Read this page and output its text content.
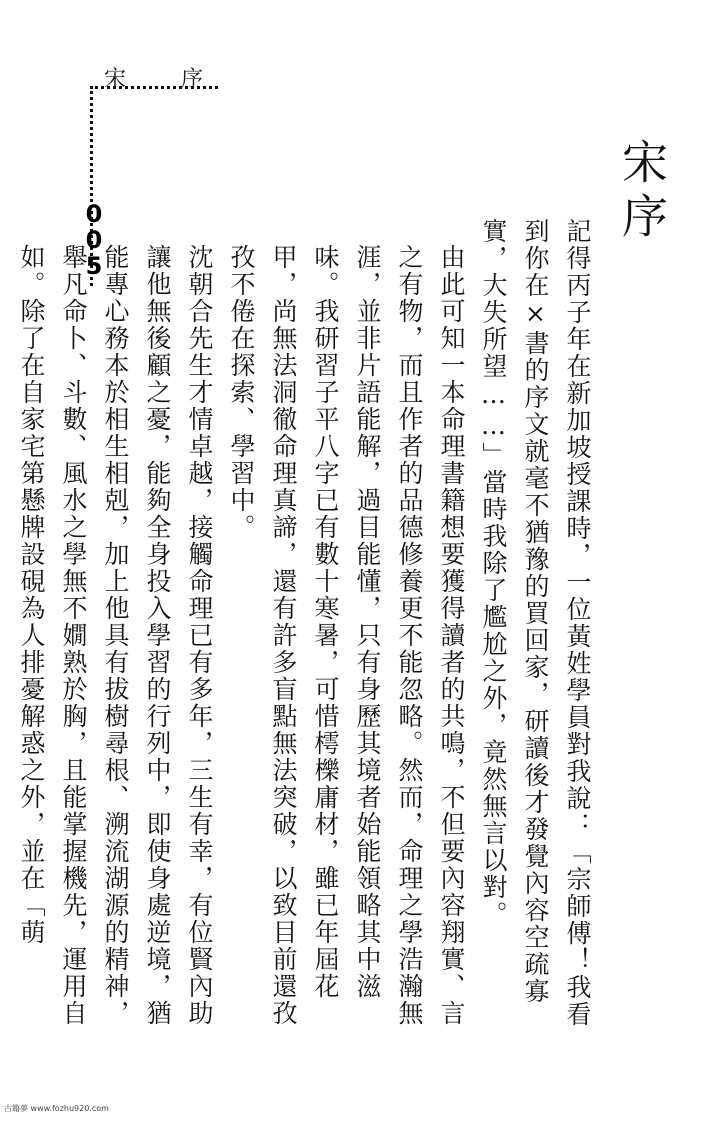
宋 序
005	宋序

記得丙子年在新加坡授課時，一位黃姓學員對我說：「宗師傅！我看到你在×書的序文就毫不猶豫的買回家，研讀後才發覺內容空疏寡實，大失所望……」當時我除了尷尬之外，竟然無言以對。

由此可知一本命理書籍想要獲得讀者的共鳴，不但要內容翔實、言之有物，而且作者的品德修養更不能忽略。然而，命理之學浩瀚無涯，並非片語能解，過目能懂，只有身歷其境者始能領略其中滋味。我研習子平八字已有數十寒暑，可惜樗櫟庸材，雖已年屆花甲，尚無法洞徹命理真諦，還有許多盲點無法突破，以致目前還孜孜不倦在探索、學習中。

沈朝合先生才情卓越，接觸命理已有多年，三生有幸，有位賢內助讓他無後顧之憂，能夠全身投入學習的行列中，即使身處逆境，猶能專心務本於相生相剋，加上他具有拔樹尋根、溯流湖源的精神，舉凡命卜、斗數、風水之學無不嫺熟於胸，且能掌握機先，運用自如。除了在自家宅第懸牌設硯為人排憂解惑之外，並在「萌

古籍夢 www.fozhu920.com
